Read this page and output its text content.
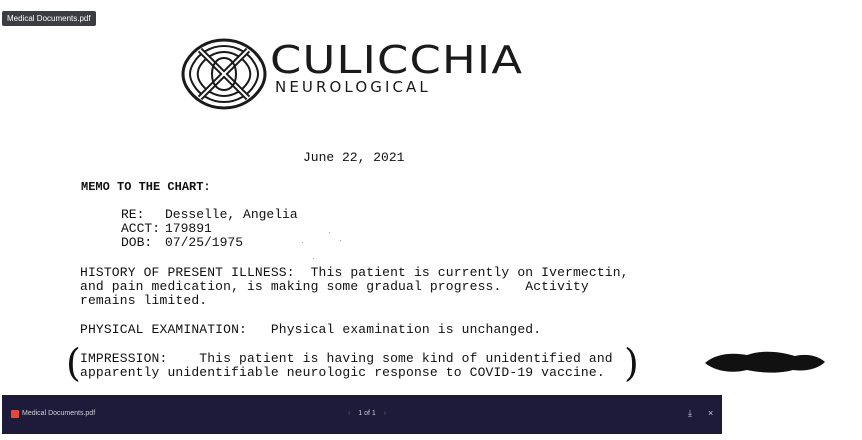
Medical Documents.pdf
CULICCHIA
NEUROLOGICAL
June 22, 2021
MEMO TO THE CHART:
RE: Desselle, Angelia
ACCT: 179891
DOB: 07/25/1975
HISTORY OF PRESENT ILLNESS:  This patient is currently on Ivermectin,
and pain medication, is making some gradual progress.   Activity
remains limited.
PHYSICAL EXAMINATION:   Physical examination is unchanged.
( IMPRESSION:    This patient is having some kind of unidentified and
apparently unidentifiable neurologic response to COVID-19 vaccine. )
Medical Documents.pdf	‹ 1 of 1 ›	⤓ ×
